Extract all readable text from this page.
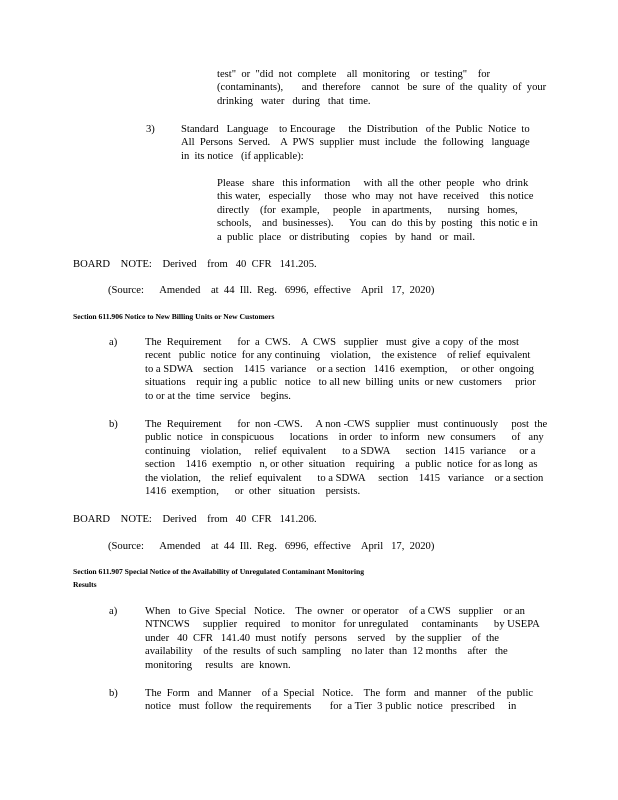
test"  or  "did  not  complete    all  monitoring    or  testing"    for
(contaminants),       and  therefore    cannot   be  sure  of  the  quality  of  your
drinking   water   during   that  time.

3) Standard   Language    to Encourage     the  Distribution   of the  Public  Notice  to
All  Persons  Served.    A  PWS  supplier  must  include   the  following   language
in  its notice   (if applicable):

Please   share   this information     with  all the  other  people   who  drink
this water,   especially     those  who  may  not  have  received    this notice
directly    (for  example,     people    in apartments,      nursing   homes,
schools,    and  businesses).      You  can  do  this by  posting   this notic e in
a  public  place   or distributing    copies   by  hand   or  mail.

BOARD    NOTE:    Derived    from   40  CFR   141.205.

(Source:      Amended    at  44  Ill.  Reg.   6996,  effective    April   17,  2020)

Section 611.906 Notice to New Billing Units or New Customers

a)	The  Requirement      for  a  CWS.    A  CWS   supplier   must  give  a copy  of the  most
recent   public  notice  for any continuing    violation,    the existence    of relief  equivalent
to a SDWA    section    1415  variance    or a section   1416  exemption,     or other  ongoing
situations    requir ing  a public   notice   to all new  billing  units  or new  customers     prior
to or at the  time  service    begins.

b)	The  Requirement      for  non -CWS.     A non -CWS  supplier   must  continuously     post  the
public  notice   in conspicuous      locations    in order   to inform   new  consumers      of   any
continuing    violation,     relief  equivalent      to a SDWA      section   1415  variance     or a
section    1416  exemptio   n, or other  situation    requiring    a  public  notice  for as long  as
the violation,    the  relief  equivalent      to a SDWA     section    1415   variance    or a section
1416  exemption,      or  other   situation    persists.

BOARD    NOTE:    Derived    from   40  CFR   141.206.

(Source:      Amended    at  44  Ill.  Reg.   6996,  effective    April   17,  2020)

Section 611.907 Special Notice of the Availability of Unregulated Contaminant Monitoring

Results

a)	When   to Give  Special   Notice.    The  owner   or operator    of a CWS   supplier    or an
NTNCWS     supplier   required    to monitor   for unregulated     contaminants      by USEPA
under   40  CFR   141.40  must  notify   persons    served    by  the supplier    of  the
availability    of the  results  of such  sampling    no later  than  12 months    after   the
monitoring     results   are  known.

b)	The  Form   and  Manner    of a  Special   Notice.    The  form   and  manner    of the  public
notice   must  follow   the requirements       for  a Tier  3 public  notice   prescribed     in
